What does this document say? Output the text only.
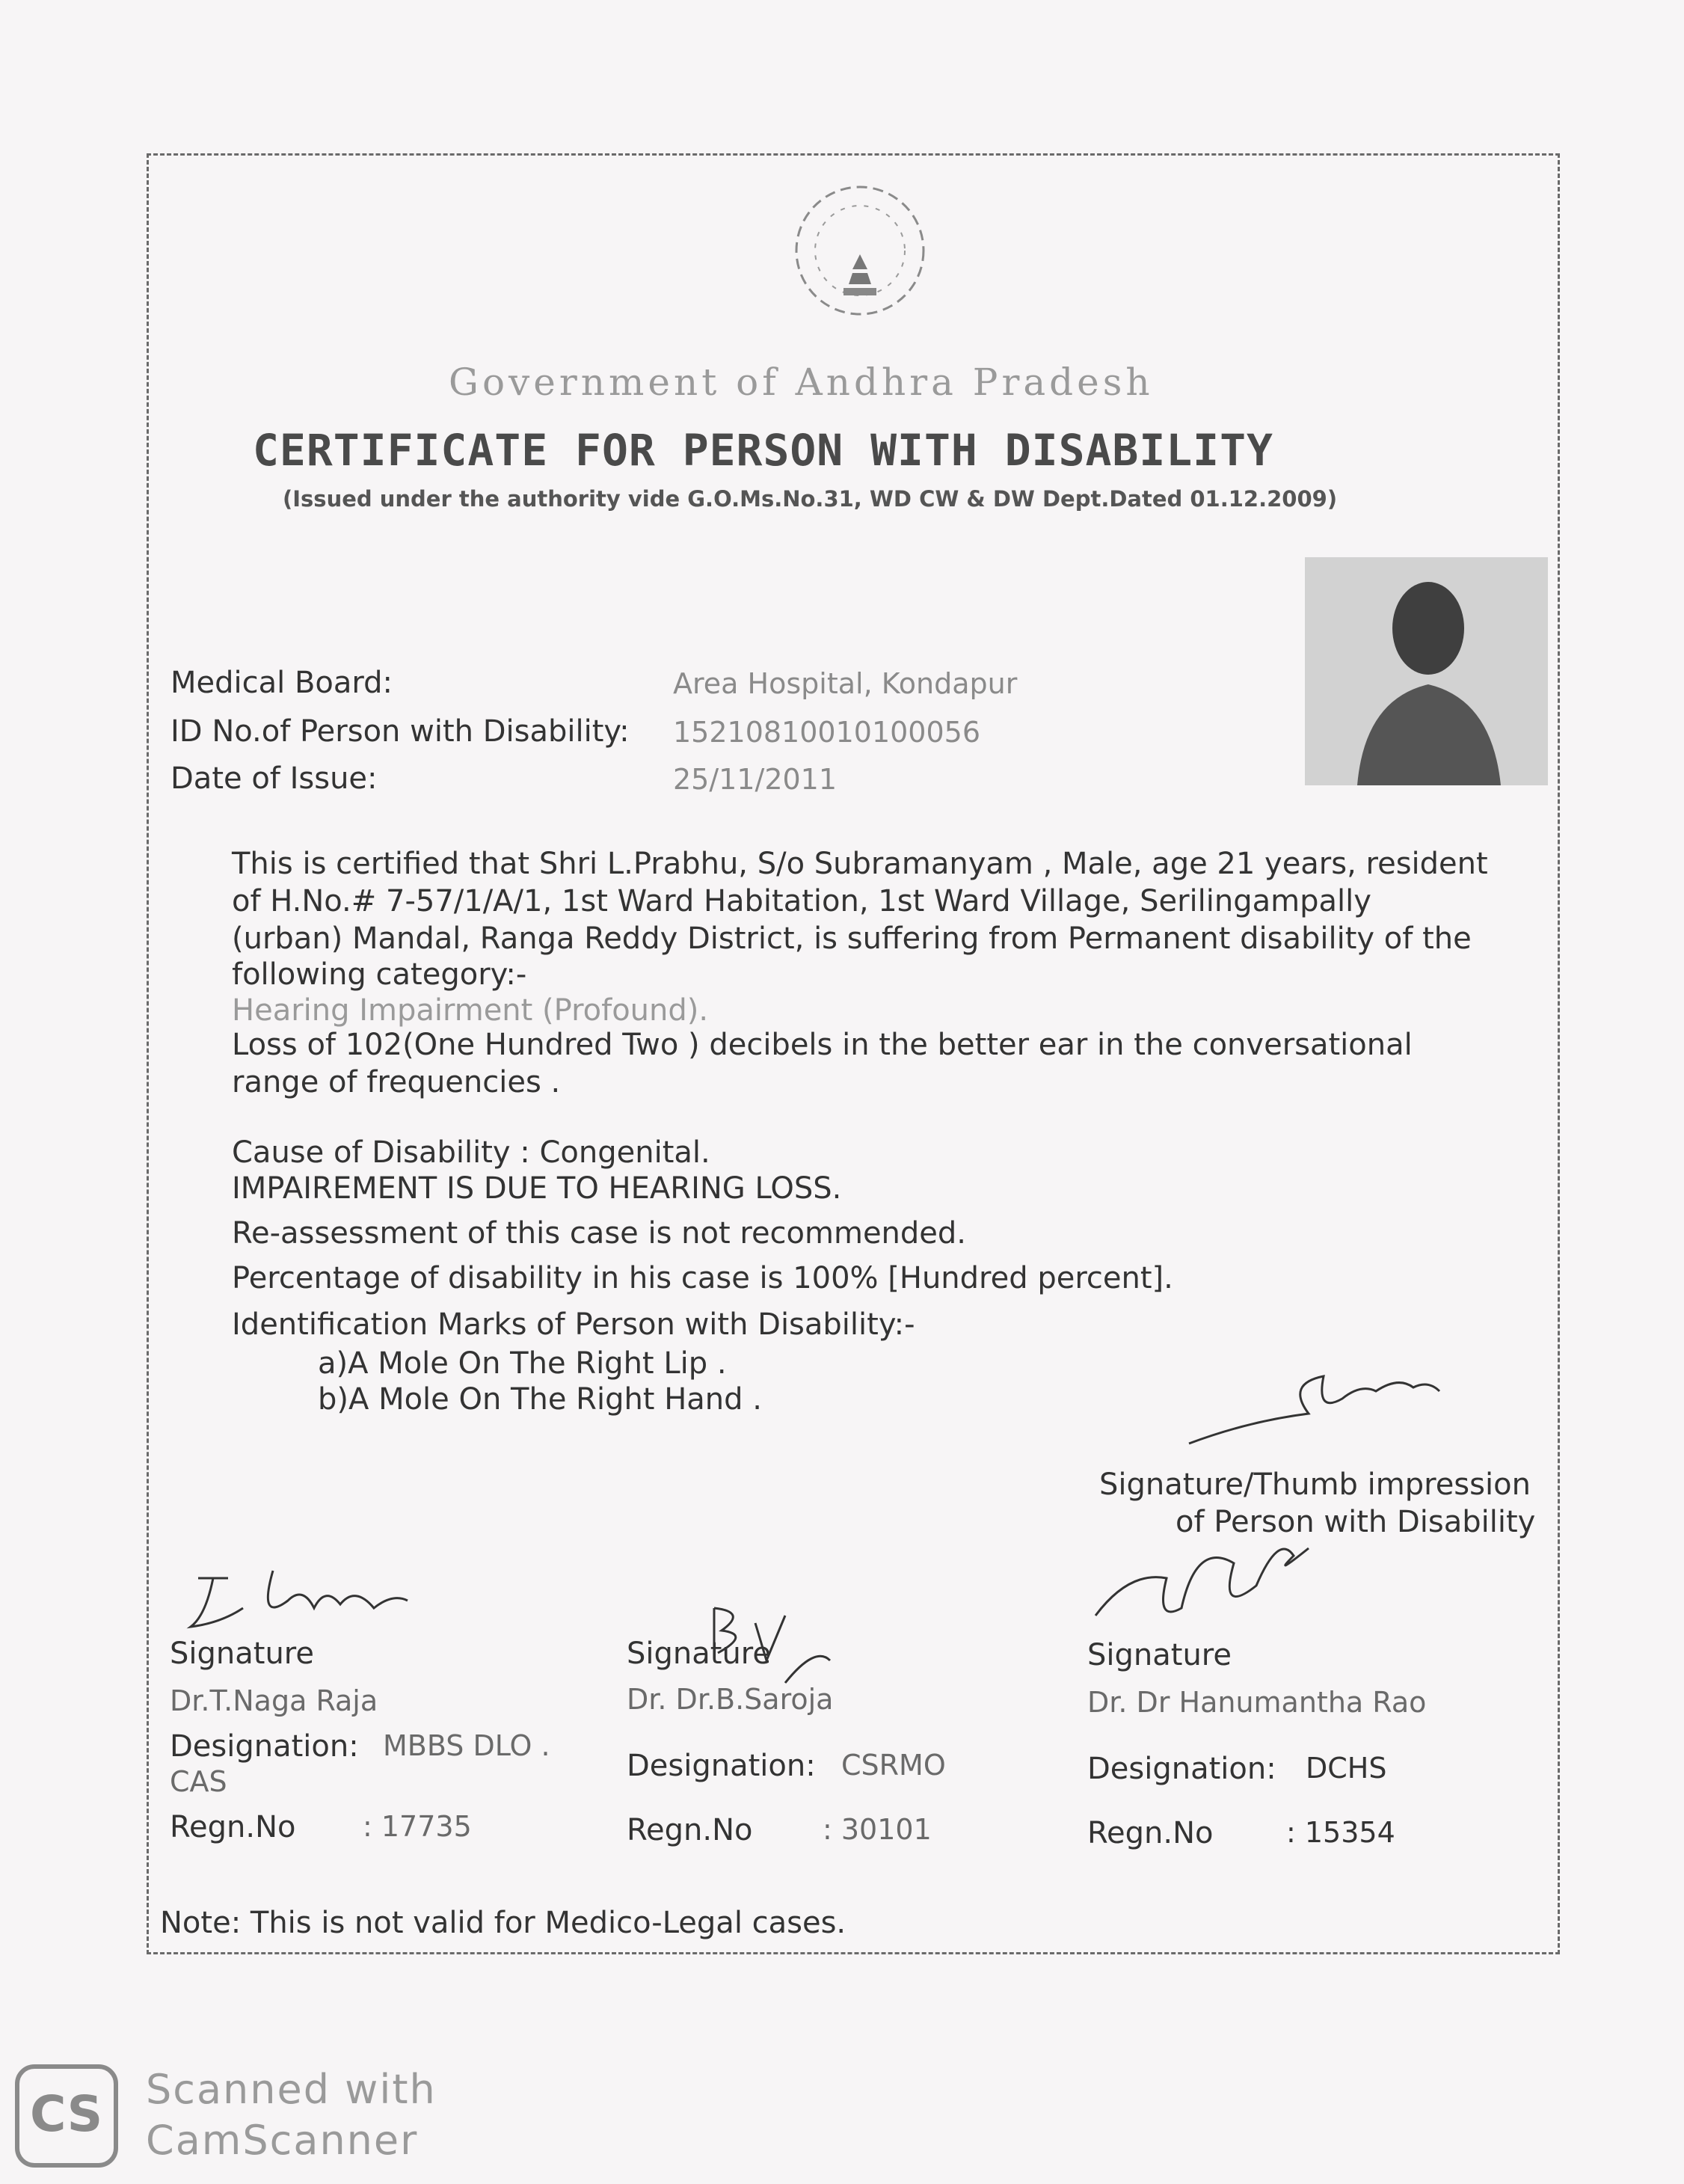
Government of Andhra Pradesh
CERTIFICATE FOR PERSON WITH DISABILITY
(Issued under the authority vide G.O.Ms.No.31, WD CW & DW Dept.Dated 01.12.2009)
Medical Board:	Area Hospital, Kondapur
ID No.of Person with Disability: 15210810010100056
Date of Issue:	25/11/2011
This is certified that Shri L.Prabhu, S/o Subramanyam , Male, age 21 years, resident
of H.No.# 7-57/1/A/1, 1st Ward Habitation, 1st Ward Village, Serilingampally
(urban) Mandal, Ranga Reddy District, is suffering from Permanent disability of the
following category:-
Hearing Impairment (Profound).
Loss of 102(One Hundred Two ) decibels in the better ear in the conversational
range of frequencies .
Cause of Disability : Congenital.
IMPAIREMENT IS DUE TO HEARING LOSS.
Re-assessment of this case is not recommended.
Percentage of disability in his case is 100% [Hundred percent].
Identification Marks of Person with Disability:-
a)A Mole On The Right Lip .
b)A Mole On The Right Hand .
Signature/Thumb impression
of Person with Disability
Signature
Dr.T.Naga Raja
Designation: MBBS DLO .
CAS
Regn.No : 17735
Signature
Dr. Dr.B.Saroja
Designation: CSRMO
Regn.No : 30101
Signature
Dr. Dr Hanumantha Rao
Designation: DCHS
Regn.No	: 15354
Note: This is not valid for Medico-Legal cases.
CS Scanned with
CamScanner
